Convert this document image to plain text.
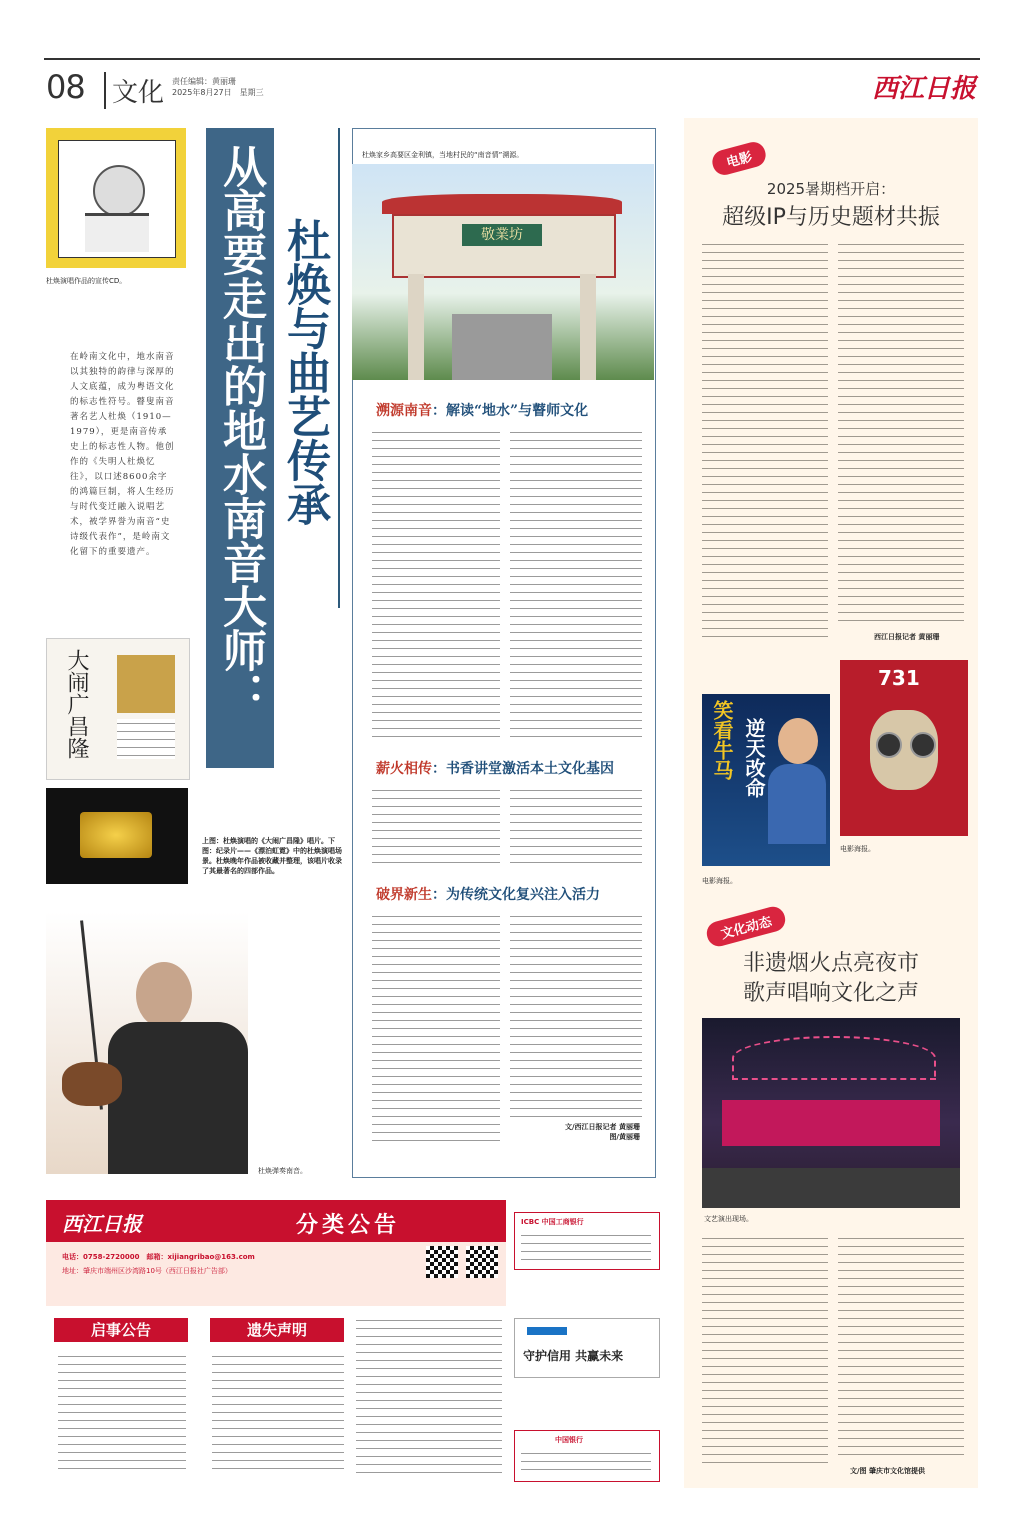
08	文化 责任编辑：黄丽珊
2025年8月27日　星期三	西江日报
杜焕演唱作品的宣传CD。
在岭南文化中，地水南音以其独特的韵律与深厚的人文底蕴，成为粤语文化的标志性符号。瞽叟南音著名艺人杜焕（1910—1979），更是南音传承史上的标志性人物。他创作的《失明人杜焕忆往》，以口述8600余字的鸿篇巨制，将人生经历与时代变迁融入说唱艺术，被学界誉为南音“史诗级代表作”，是岭南文化留下的重要遗产。
大闹广昌隆
上图：杜焕演唱的《大闹广昌隆》唱片。下图：纪录片——《漂泊虹霓》中的杜焕演唱场景。杜焕晚年作品被收藏并整理，该唱片收录了其最著名的四部作品。
杜焕弹奏南音。
从高要走出的地水南音大师： 杜焕与曲艺传承
杜焕家乡高要区金利镇，当地村民的“南音情”溯源。
敬業坊
溯源南音：解读“地水”与瞽师文化
薪火相传：书香讲堂激活本土文化基因
破界新生：为传统文化复兴注入活力
文/西江日报记者 黄丽珊
图/黄丽珊
电影
2025暑期档开启：
超级IP与历史题材共振
西江日报记者 黄丽珊
笑看牛马 逆天改命
731
电影海报。
电影海报。
文化动态
非遗烟火点亮夜市
歌声唱响文化之声
文艺演出现场。
文/图 肇庆市文化馆提供
西江日报	分类公告
电话：0758-2720000　邮箱：xijiangribao@163.com
地址：肇庆市端州区沙湾路10号（西江日报社广告部）
启事公告	遗失声明
ICBC 中国工商银行
守护信用 共赢未来
中国银行
